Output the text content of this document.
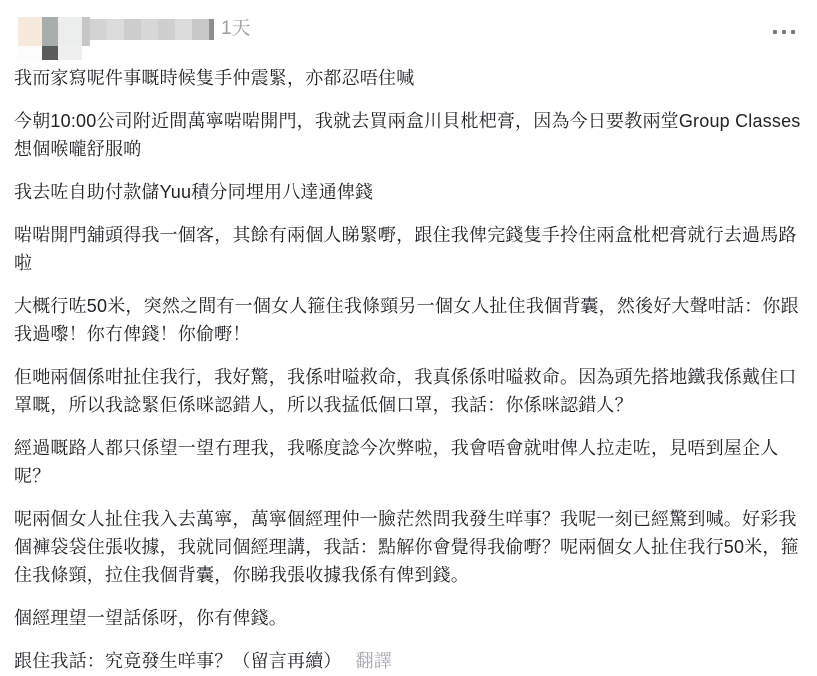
1天

我而家寫呢件事嘅時候隻手仲震緊，亦都忍唔住喊

今朝10:00公司附近間萬寧啱啱開門，我就去買兩盒川貝枇杷膏，因為今日要教兩堂Group Classes想個喉嚨舒服啲

我去咗自助付款儲Yuu積分同埋用八達通俾錢

啱啱開門舖頭得我一個客，其餘有兩個人睇緊嘢，跟住我俾完錢隻手拎住兩盒枇杷膏就行去過馬路啦

大概行咗50米，突然之間有一個女人箍住我條頸另一個女人扯住我個背囊，然後好大聲咁話：你跟我過嚟！你冇俾錢！你偷嘢！

佢哋兩個係咁扯住我行，我好驚，我係咁嗌救命，我真係係咁嗌救命。因為頭先搭地鐵我係戴住口罩嘅，所以我諗緊佢係咪認錯人，所以我掹低個口罩，我話：你係咪認錯人？

經過嘅路人都只係望一望冇理我，我喺度諗今次弊啦，我會唔會就咁俾人拉走咗，見唔到屋企人呢？

呢兩個女人扯住我入去萬寧，萬寧個經理仲一臉茫然問我發生咩事？我呢一刻已經驚到喊。好彩我個褲袋袋住張收據，我就同個經理講，我話：點解你會覺得我偷嘢？呢兩個女人扯住我行50米，箍住我條頸，拉住我個背囊，你睇我張收據我係有俾到錢。

個經理望一望話係呀，你有俾錢。

跟住我話：究竟發生咩事？（留言再續） 翻譯
